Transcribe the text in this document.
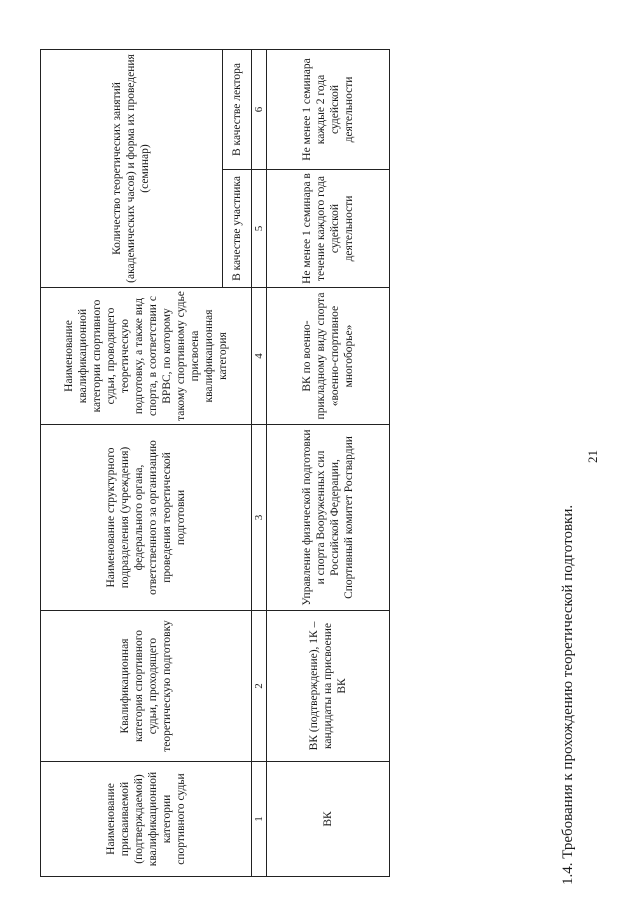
21
1.4. Требования к прохождению теоретической подготовки.
Наименование присваиваемой (подтверждаемой) квалификационной категории спортивного судьи	Квалификационная категория спортивного судьи, проходящего теоретическую подготовку	Наименование структурного подразделения (учреждения) федерального органа, ответственного за организацию проведения теоретической подготовки	Наименование квалификационной категории спортивного судьи, проводящего теоретическую подготовку, а также вид спорта, в соответствии с ВРВС, по которому такому спортивному судье присвоена квалификационная категория	Количество теоретических занятий (академических часов) и форма их проведения (семинар)	

				В качестве участника	В качестве лектора
1	2	3	4	5	6
ВК	ВК (подтверждение), 1К – кандидаты на присвоение ВК	Управление физической подготовки и спорта Вооруженных сил Российской Федерации, Спортивный комитет Росгвардии	ВК по военно-прикладному виду спорта «военно-спортивное многоборье»	Не менее 1 семинара в течение каждого года судейской деятельности	Не менее 1 семинара каждые 2 года судейской деятельности
